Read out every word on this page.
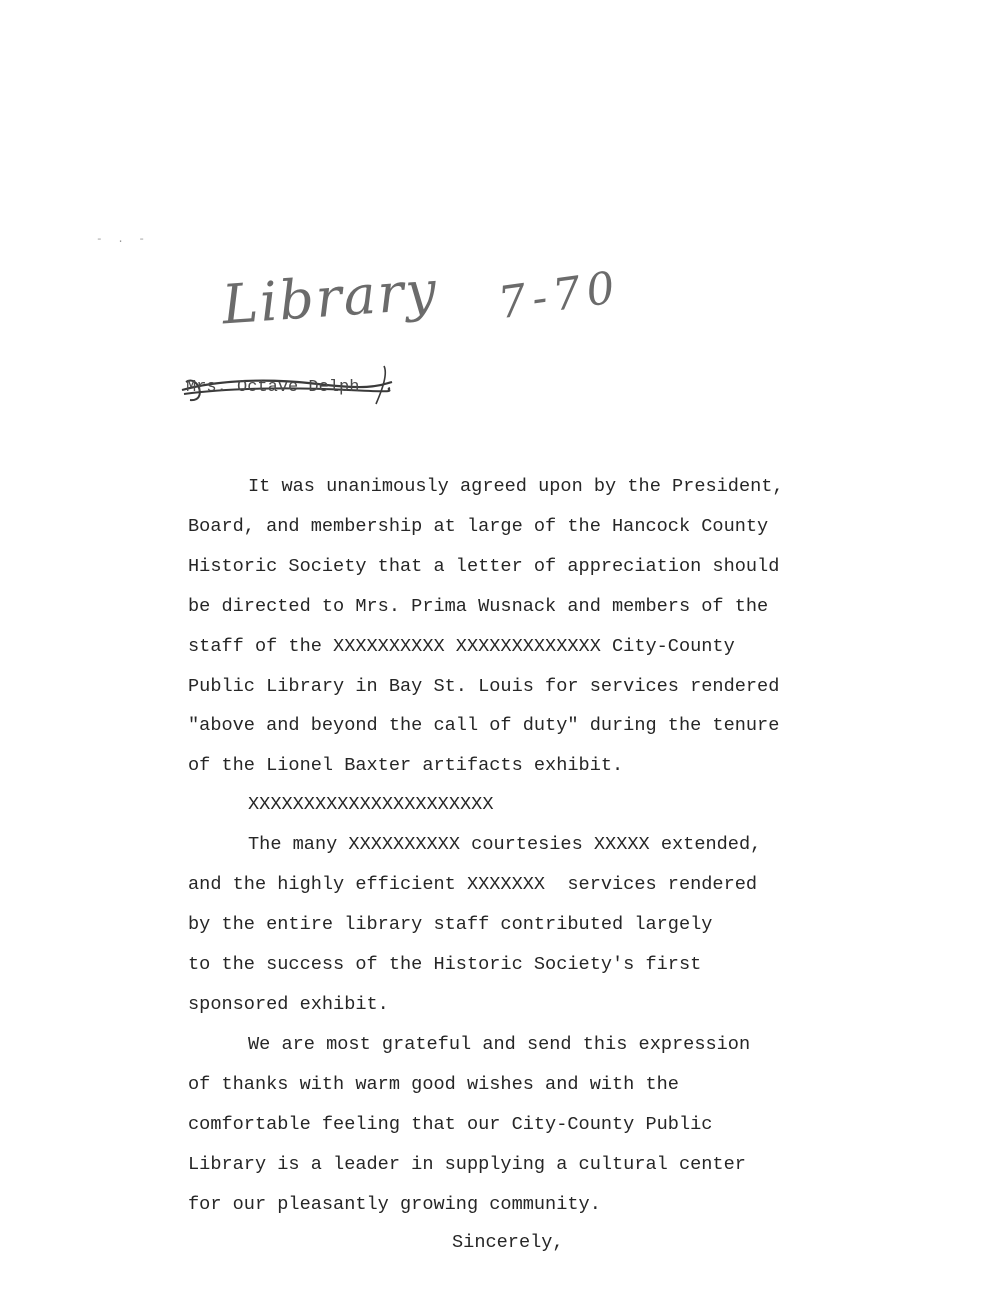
- . -
Library 7-70
Mrs. Octave Delph
It was unanimously agreed upon by the President,
Board, and membership at large of the Hancock County
Historic Society that a letter of appreciation should
be directed to Mrs. Prima Wusnack and members of the
staff of the XXXXXXXXXX XXXXXXXXXXXXX City-County
Public Library in Bay St. Louis for services rendered
"above and beyond the call of duty" during the tenure
of the Lionel Baxter artifacts exhibit.
XXXXXXXXXXXXXXXXXXXXXX
The many XXXXXXXXXX courtesies XXXXX extended,
and the highly efficient XXXXXXX  services rendered
by the entire library staff contributed largely
to the success of the Historic Society's first
sponsored exhibit.
We are most grateful and send this expression
of thanks with warm good wishes and with the
comfortable feeling that our City-County Public
Library is a leader in supplying a cultural center
for our pleasantly growing community.
Sincerely,
